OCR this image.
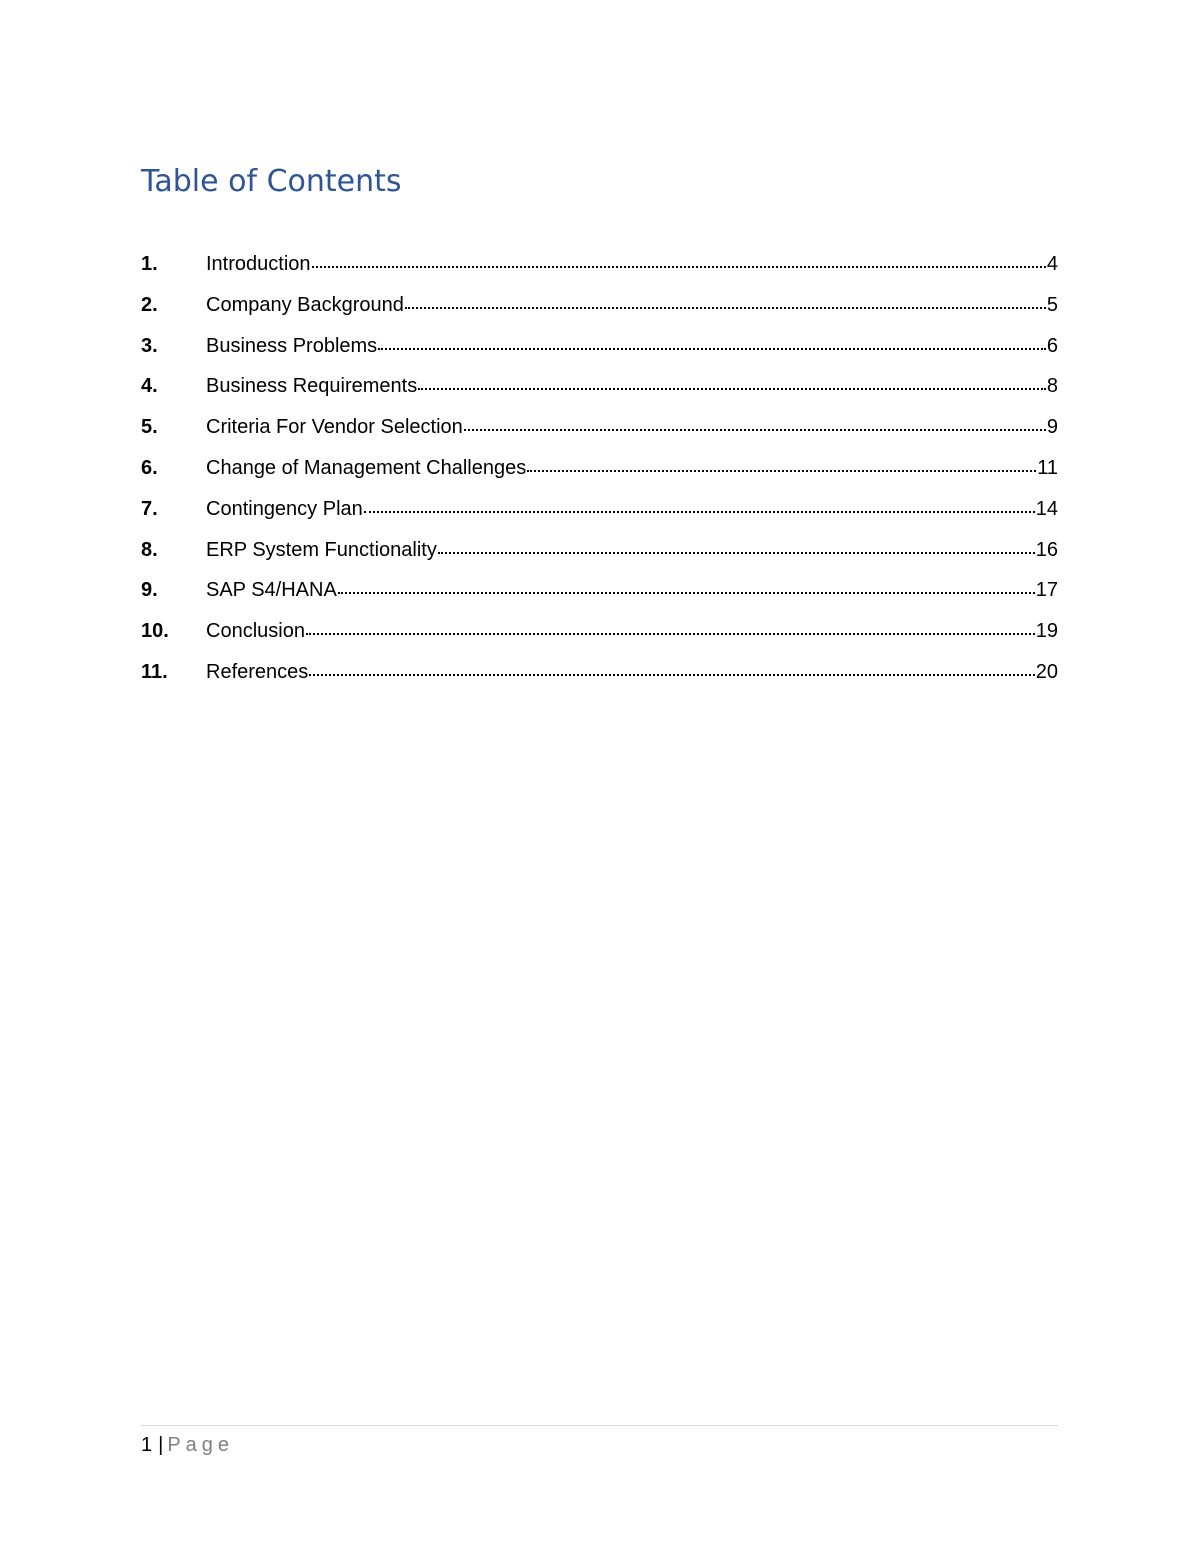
Table of Contents
1.	Introduction	4
2.	Company Background	5
3.	Business Problems	6
4.	Business Requirements	8
5.	Criteria For Vendor Selection	9
6.	Change of Management Challenges	11
7.	Contingency Plan	14
8.	ERP System Functionality	16
9.	SAP S4/HANA	17
10.	Conclusion	19
11.	References	20
1 | Page
